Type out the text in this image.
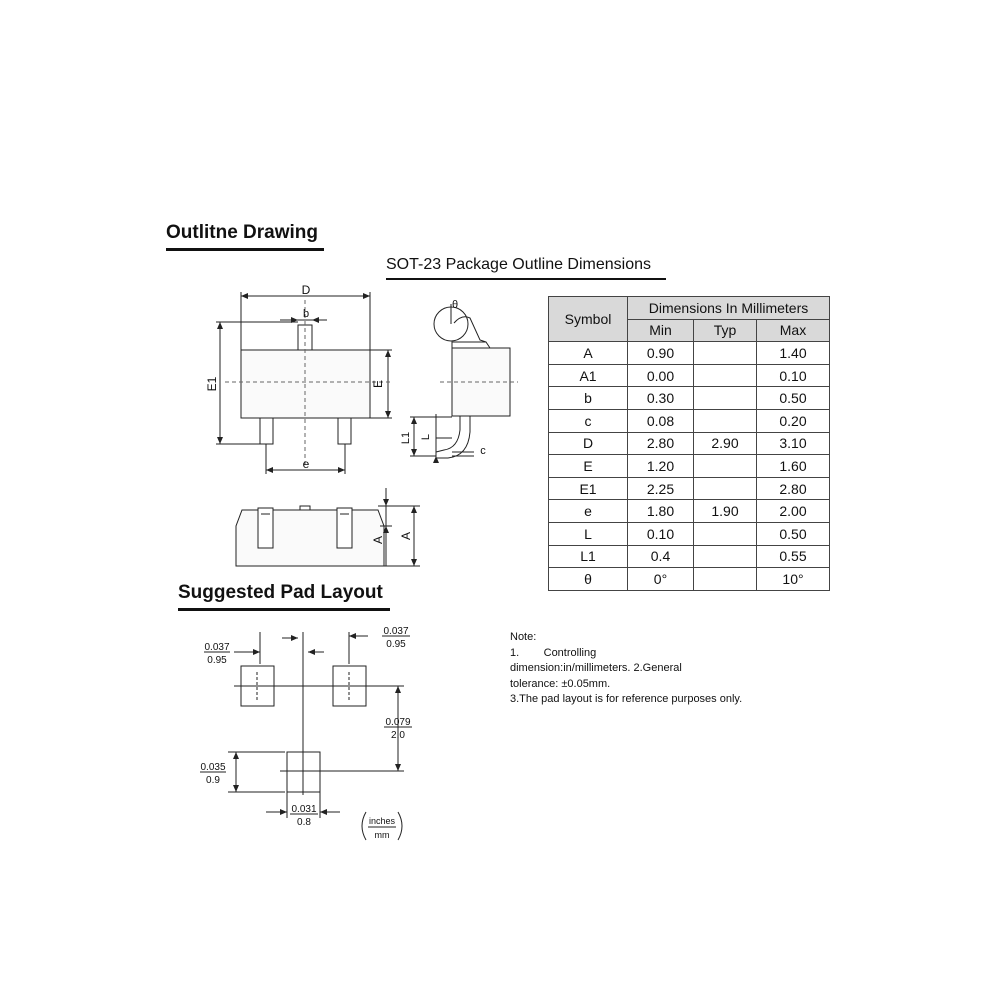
Outlitne Drawing
SOT-23 Package Outline Dimensions
Suggested Pad Layout
D
b
E1	E
e
θ
L1 L
c
A A
Symbol	Dimensions In Millimeters		
	Min	Typ	Max
A	0.90		1.40
A1	0.00		0.10
b	0.30		0.50
c	0.08		0.20
D	2.80	2.90	3.10
E	1.20		1.60
E1	2.25		2.80
e	1.80	1.90	2.00
L	0.10		0.50
L1	0.4		0.55
θ	0°		10°
0.037
0.95
0.037
0.95
0.079
2.0
0.035
0.9
0.031
0.8	inches
mm
Note:
1.        Controlling
dimension:in/millimeters. 2.General
tolerance: ±0.05mm.
3.The pad layout is for reference purposes only.
